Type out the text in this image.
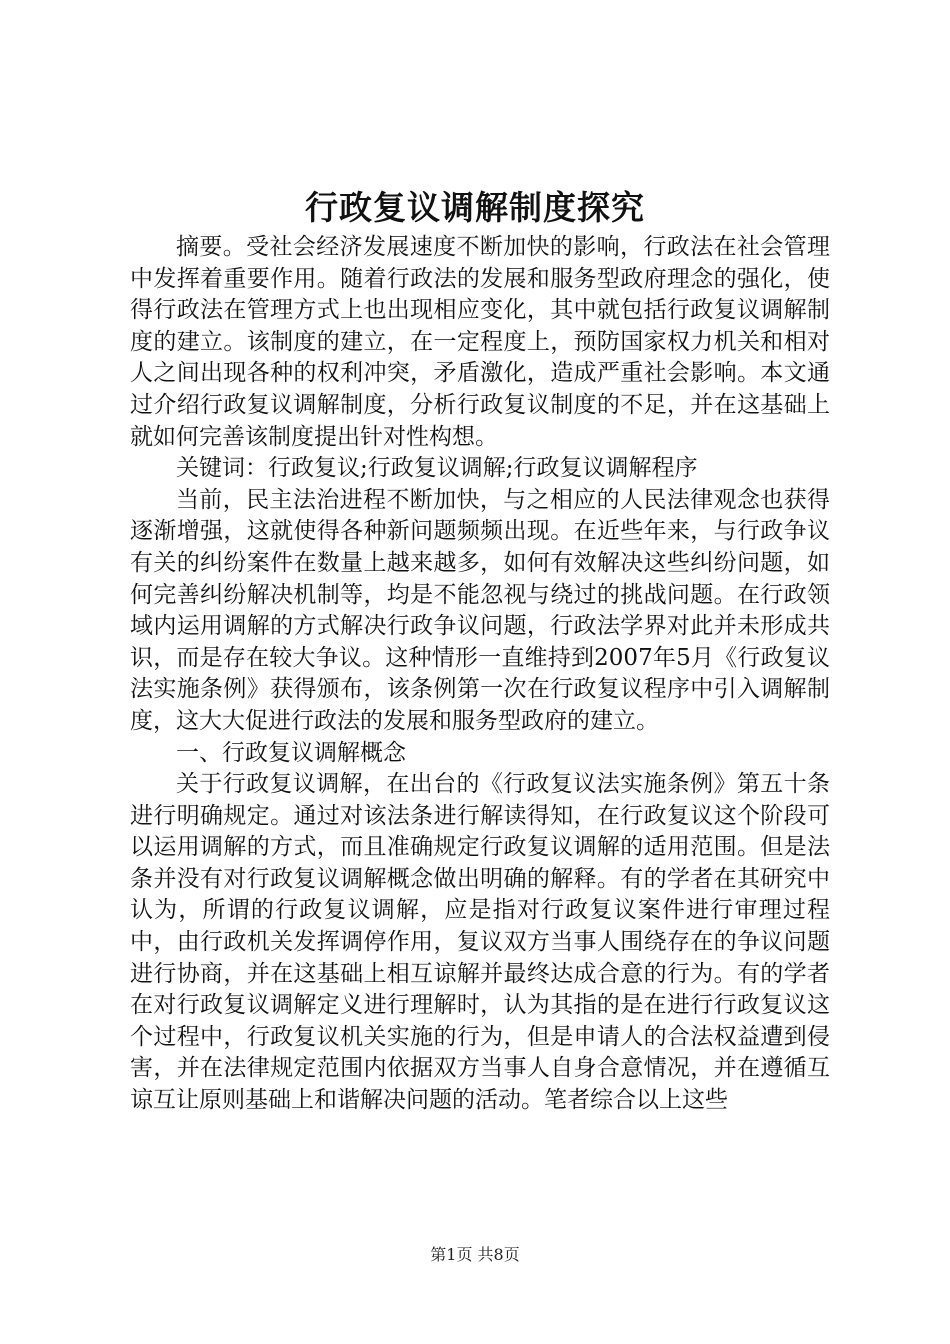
行政复议调解制度探究

摘要。受社会经济发展速度不断加快的影响，行政法在社会管理中发挥着重要作用。随着行政法的发展和服务型政府理念的强化，使得行政法在管理方式上也出现相应变化，其中就包括行政复议调解制度的建立。该制度的建立，在一定程度上，预防国家权力机关和相对人之间出现各种的权利冲突，矛盾激化，造成严重社会影响。本文通过介绍行政复议调解制度，分析行政复议制度的不足，并在这基础上就如何完善该制度提出针对性构想。

关键词：行政复议;行政复议调解;行政复议调解程序

当前，民主法治进程不断加快，与之相应的人民法律观念也获得逐渐增强，这就使得各种新问题频频出现。在近些年来，与行政争议有关的纠纷案件在数量上越来越多，如何有效解决这些纠纷问题，如何完善纠纷解决机制等，均是不能忽视与绕过的挑战问题。在行政领域内运用调解的方式解决行政争议问题，行政法学界对此并未形成共识，而是存在较大争议。这种情形一直维持到2007年5月《行政复议法实施条例》获得颁布，该条例第一次在行政复议程序中引入调解制度，这大大促进行政法的发展和服务型政府的建立。

一、行政复议调解概念

关于行政复议调解，在出台的《行政复议法实施条例》第五十条进行明确规定。通过对该法条进行解读得知，在行政复议这个阶段可以运用调解的方式，而且准确规定行政复议调解的适用范围。但是法条并没有对行政复议调解概念做出明确的解释。有的学者在其研究中认为，所谓的行政复议调解，应是指对行政复议案件进行审理过程中，由行政机关发挥调停作用，复议双方当事人围绕存在的争议问题进行协商，并在这基础上相互谅解并最终达成合意的行为。有的学者在对行政复议调解定义进行理解时，认为其指的是在进行行政复议这个过程中，行政复议机关实施的行为，但是申请人的合法权益遭到侵害，并在法律规定范围内依据双方当事人自身合意情况，并在遵循互谅互让原则基础上和谐解决问题的活动。笔者综合以上这些

第1页 共8页
